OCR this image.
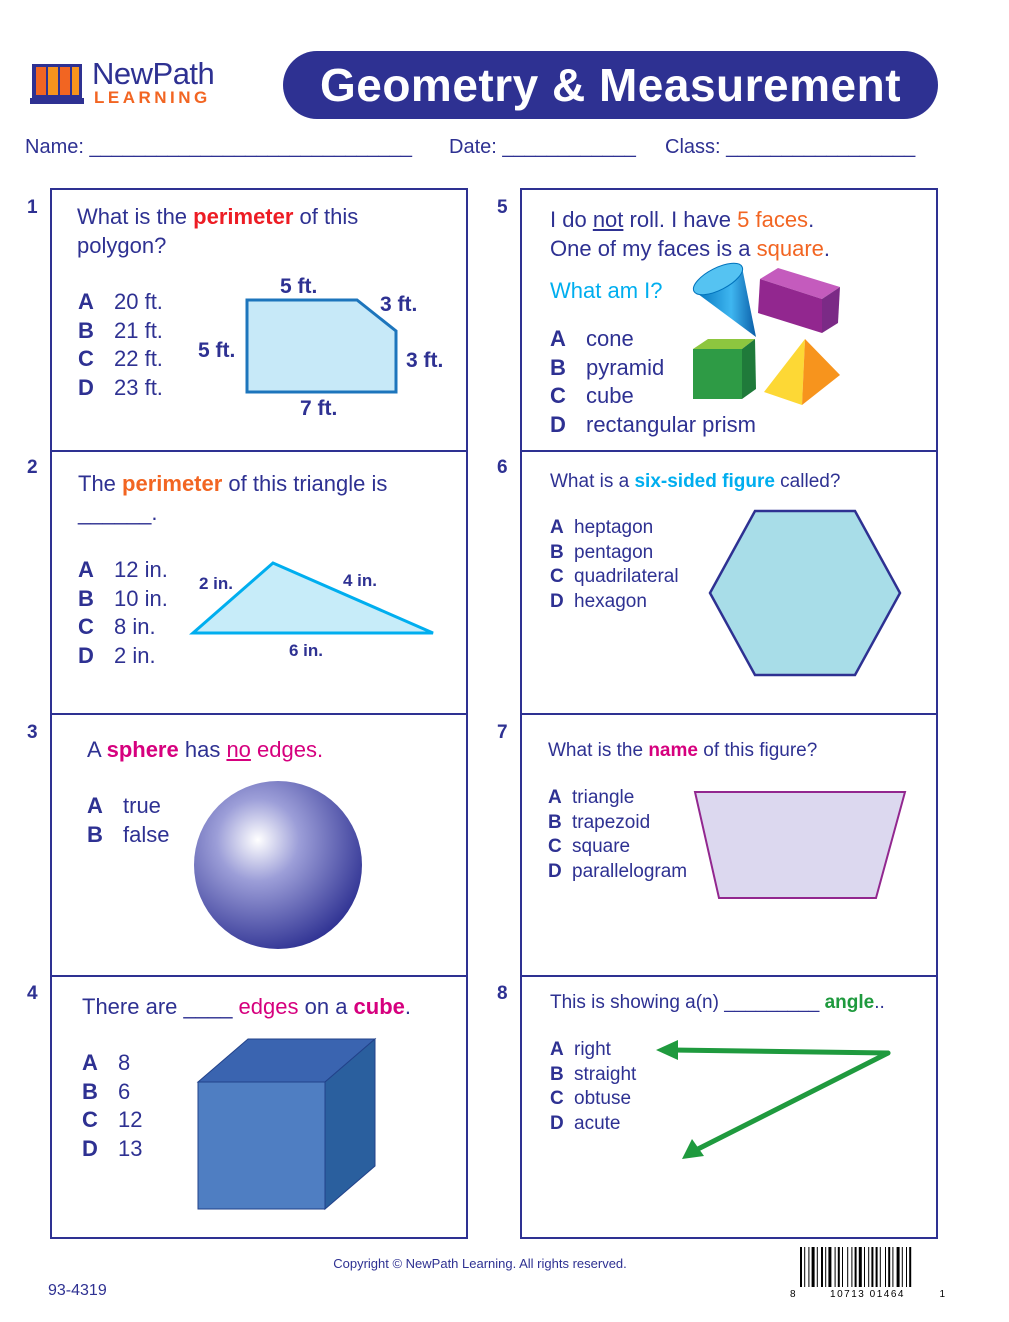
NewPath
LEARNING	Geometry & Measurement
Name: _____________________________ Date: ____________ Class: _________________
1
2
3
4
5
6
7
8
What is the perimeter of this polygon?
A 20 ft.
B 21 ft.
C 22 ft.
D 23 ft.
5 ft.
3 ft.
5 ft.	3 ft.
7 ft.
The perimeter of this triangle is ______.
A 12 in.
B 10 in.
C 8 in.
D 2 in.
2 in.	4 in.
6 in.
A sphere has no edges.
A true
B false
There are ____ edges on a cube.
A 8
B 6
C 12
D 13
I do not roll. I have 5 faces.
One of my faces is a square.
What am I?
A cone
B pyramid
C cube
D rectangular prism
What is a six-sided figure called?
A heptagon
B pentagon
C quadrilateral
D hexagon
What is the name of this figure?
A triangle
B trapezoid
C square
D parallelogram
This is showing a(n) _________ angle..
A right
B straight
C obtuse
D acute
Copyright © NewPath Learning. All rights reserved.
93-4319	8	10713 01464	1
